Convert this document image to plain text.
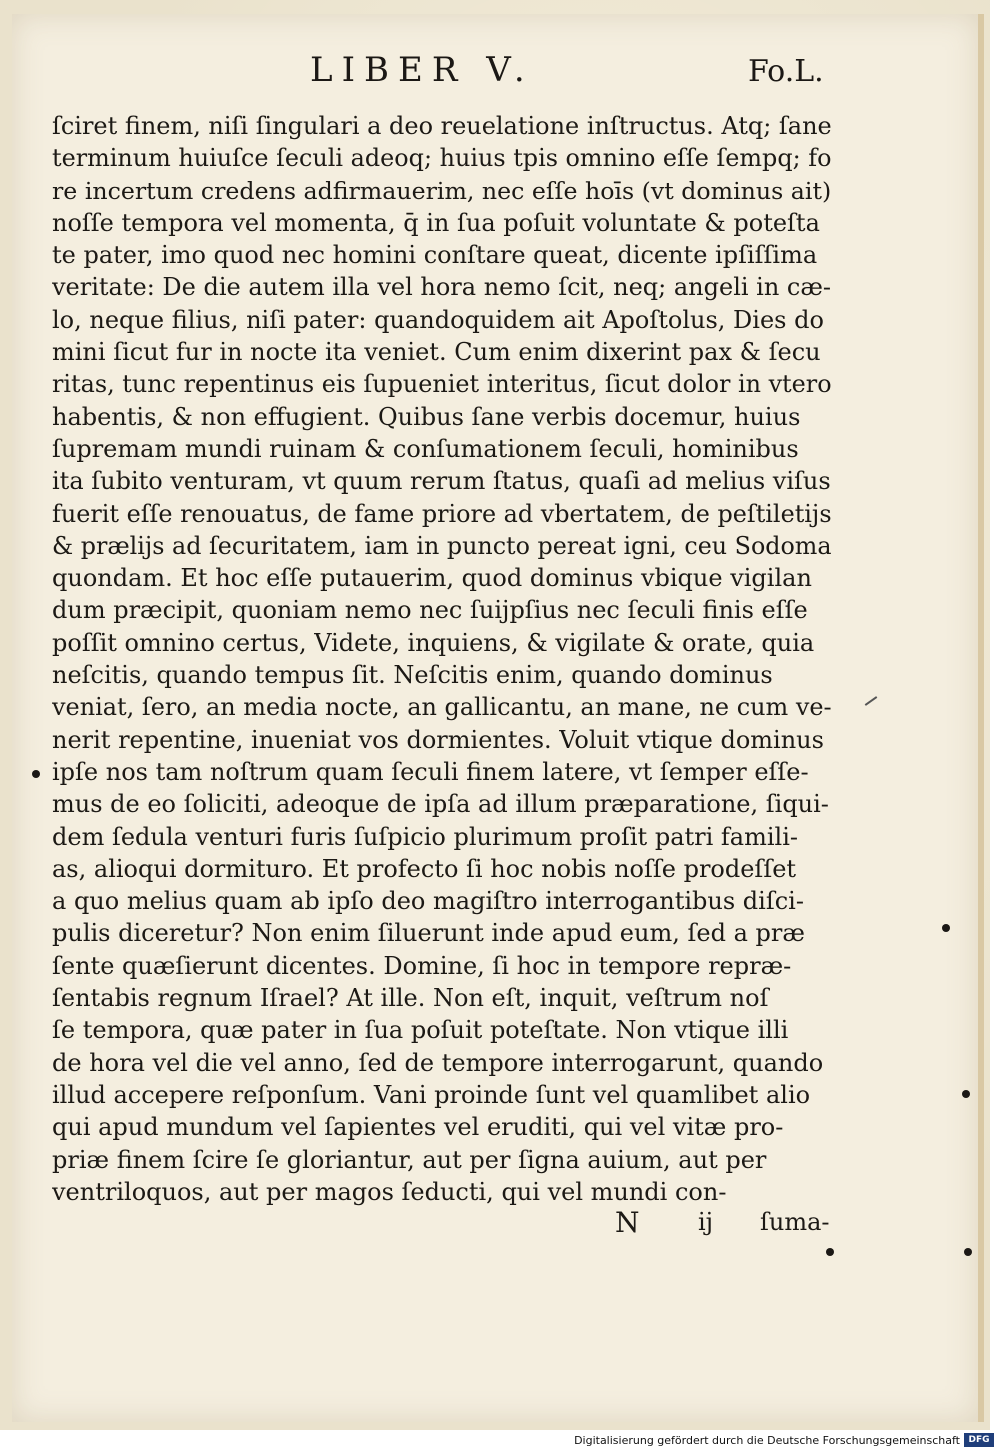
LIBER V.	Fo.L.
ſciret finem, niſi ſingulari a deo reuelatione inſtructus. Atq; ſane
terminum huiuſce ſeculi adeoq; huius tpis omnino eſſe ſempq; fo
re incertum credens adfirmauerim, nec eſſe hoīs (vt dominus ait)
noſſe tempora vel momenta, q̄ in ſua poſuit voluntate & poteſta
te pater, imo quod nec homini conſtare queat, dicente ipſiſſima
veritate: De die autem illa vel hora nemo ſcit, neq; angeli in cæ-
lo, neque filius, niſi pater: quandoquidem ait Apoſtolus, Dies do
mini ſicut fur in nocte ita veniet. Cum enim dixerint pax & ſecu
ritas, tunc repentinus eis ſupueniet interitus, ſicut dolor in vtero
habentis, & non effugient. Quibus ſane verbis docemur, huius
ſupremam mundi ruinam & conſumationem ſeculi, hominibus
ita ſubito venturam, vt quum rerum ſtatus, quaſi ad melius viſus
fuerit eſſe renouatus, de fame priore ad vbertatem, de peſtiletijs
& prælijs ad ſecuritatem, iam in puncto pereat igni, ceu Sodoma
quondam. Et hoc eſſe putauerim, quod dominus vbique vigilan
dum præcipit, quoniam nemo nec ſuijpſius nec ſeculi finis eſſe
poſſit omnino certus, Videte, inquiens, & vigilate & orate, quia
neſcitis, quando tempus ſit. Neſcitis enim, quando dominus
veniat, ſero, an media nocte, an gallicantu, an mane, ne cum ve-
nerit repentine, inueniat vos dormientes. Voluit vtique dominus
ipſe nos tam noſtrum quam ſeculi finem latere, vt ſemper eſſe-
mus de eo ſoliciti, adeoque de ipſa ad illum præparatione, ſiqui-
dem ſedula venturi furis ſuſpicio plurimum proſit patri famili-
as, alioqui dormituro. Et profecto ſi hoc nobis noſſe prodeſſet
a quo melius quam ab ipſo deo magiſtro interrogantibus diſci-
pulis diceretur? Non enim ſiluerunt inde apud eum, ſed a præ
ſente quæſierunt dicentes. Domine, ſi hoc in tempore repræ-
ſentabis regnum Iſrael? At ille. Non eſt, inquit, veſtrum noſ
ſe tempora, quæ pater in ſua poſuit poteſtate. Non vtique illi
de hora vel die vel anno, ſed de tempore interrogarunt, quando
illud accepere reſponſum. Vani proinde ſunt vel quamlibet alio
qui apud mundum vel ſapientes vel eruditi, qui vel vitæ pro-
priæ finem ſcire ſe gloriantur, aut per ſigna auium, aut per
ventriloquos, aut per magos ſeducti, qui vel mundi con-
N ij ſuma-
Digitalisierung gefördert durch die Deutsche Forschungsgemeinschaft DFG
